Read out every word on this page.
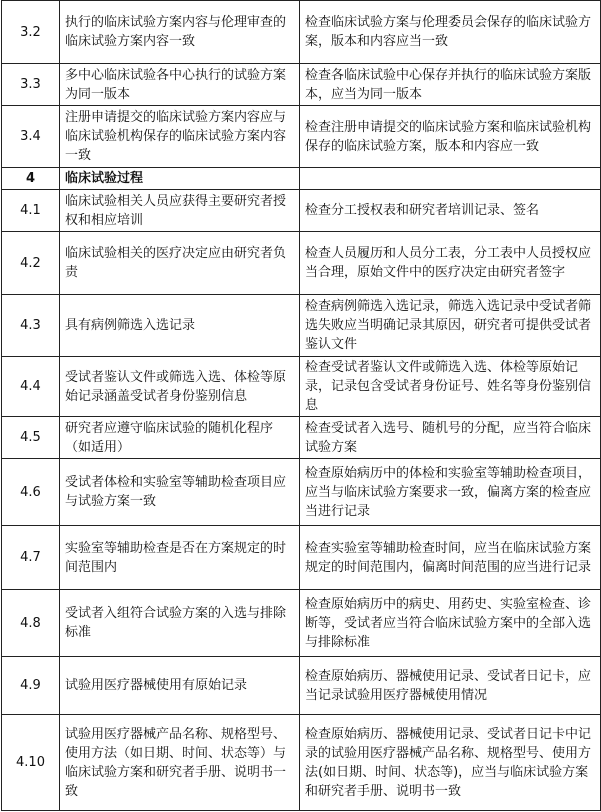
3.2	执行的临床试验方案内容与伦理审查的临床试验方案内容一致	检查临床试验方案与伦理委员会保存的临床试验方案，版本和内容应当一致
3.3	多中心临床试验各中心执行的试验方案为同一版本	检查各临床试验中心保存并执行的临床试验方案版本，应当为同一版本
3.4	注册申请提交的临床试验方案内容应与临床试验机构保存的临床试验方案内容一致	检查注册申请提交的临床试验方案和临床试验机构保存的临床试验方案，版本和内容应一致
4	临床试验过程	
4.1	临床试验相关人员应获得主要研究者授权和相应培训	检查分工授权表和研究者培训记录、签名
4.2	临床试验相关的医疗决定应由研究者负责	检查人员履历和人员分工表，分工表中人员授权应当合理，原始文件中的医疗决定由研究者签字
4.3	具有病例筛选入选记录	检查病例筛选入选记录，筛选入选记录中受试者筛选失败应当明确记录其原因，研究者可提供受试者鉴认文件
4.4	受试者鉴认文件或筛选入选、体检等原始记录涵盖受试者身份鉴别信息	检查受试者鉴认文件或筛选入选、体检等原始记录，记录包含受试者身份证号、姓名等身份鉴别信息
4.5	研究者应遵守临床试验的随机化程序（如适用）	检查受试者入选号、随机号的分配，应当符合临床试验方案
4.6	受试者体检和实验室等辅助检查项目应与试验方案一致	检查原始病历中的体检和实验室等辅助检查项目，应当与临床试验方案要求一致，偏离方案的检查应当进行记录
4.7	实验室等辅助检查是否在方案规定的时间范围内	检查实验室等辅助检查时间，应当在临床试验方案规定的时间范围内，偏离时间范围的应当进行记录
4.8	受试者入组符合试验方案的入选与排除标准	检查原始病历中的病史、用药史、实验室检查、诊断等，受试者应当符合临床试验方案中的全部入选与排除标准
4.9	试验用医疗器械使用有原始记录	检查原始病历、器械使用记录、受试者日记卡，应当记录试验用医疗器械使用情况
4.10	试验用医疗器械产品名称、规格型号、使用方法（如日期、时间、状态等）与临床试验方案和研究者手册、说明书一致	检查原始病历、器械使用记录、受试者日记卡中记录的试验用医疗器械产品名称、规格型号、使用方法(如日期、时间、状态等)，应当与临床试验方案和研究者手册、说明书一致
